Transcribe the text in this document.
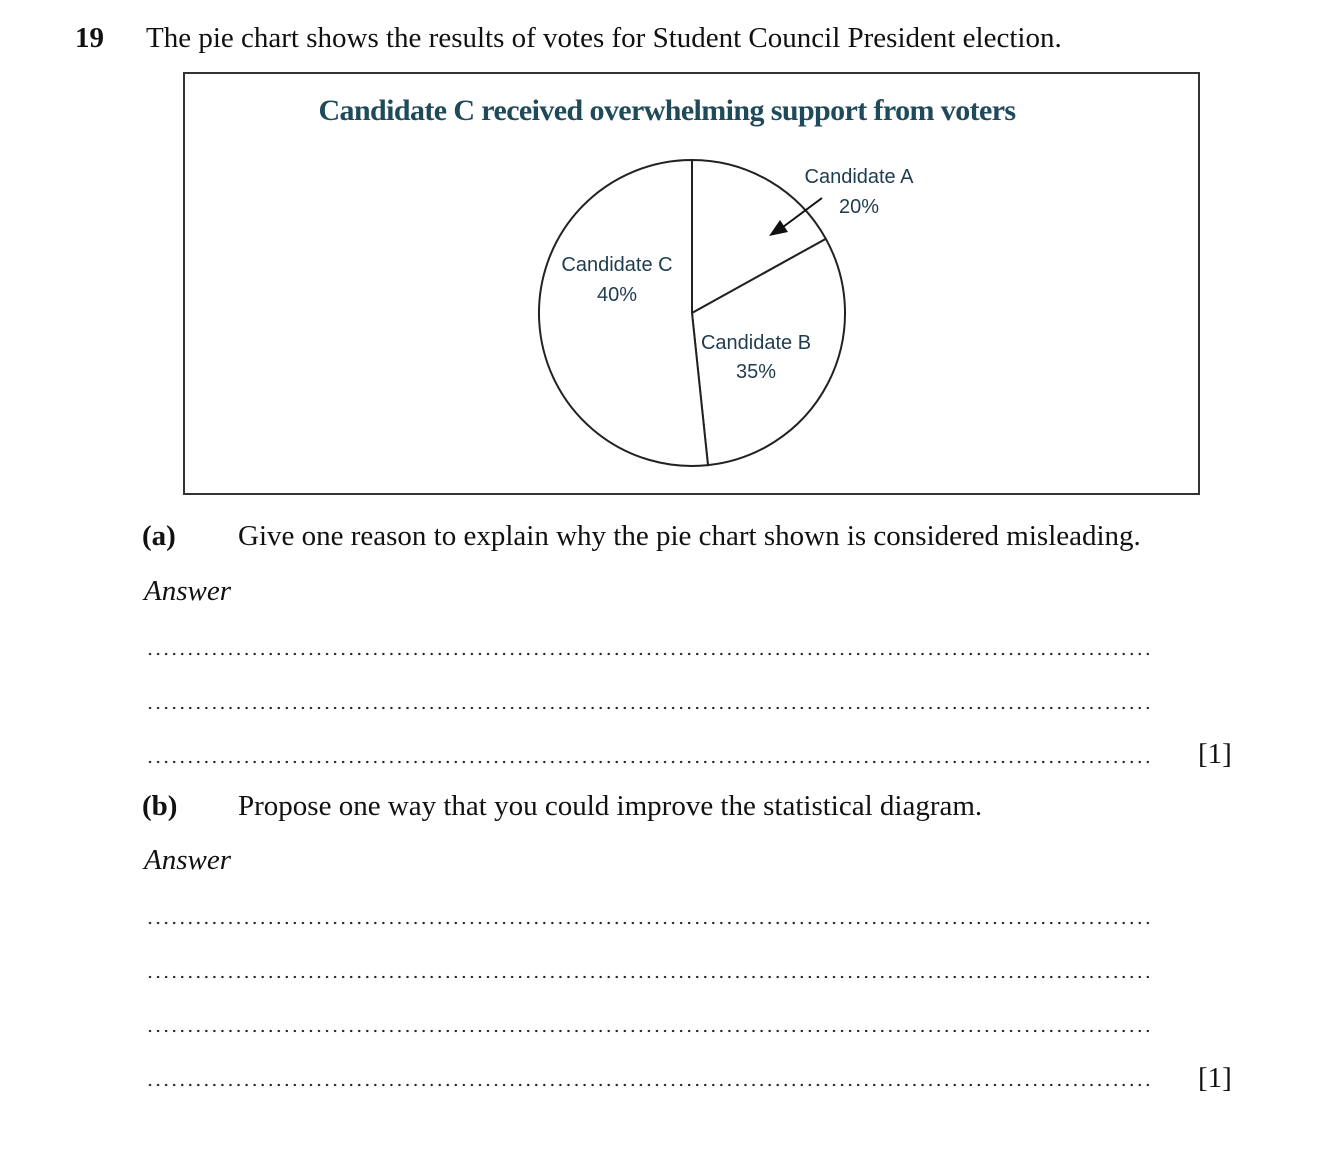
19 The pie chart shows the results of votes for Student Council President election.
Candidate C received overwhelming support from voters
Candidate A
20%
Candidate B
35%
Candidate C
40%
(a) Give one reason to explain why the pie chart shown is considered misleading.
Answer
[1]
(b) Propose one way that you could improve the statistical diagram.
Answer
[1]
